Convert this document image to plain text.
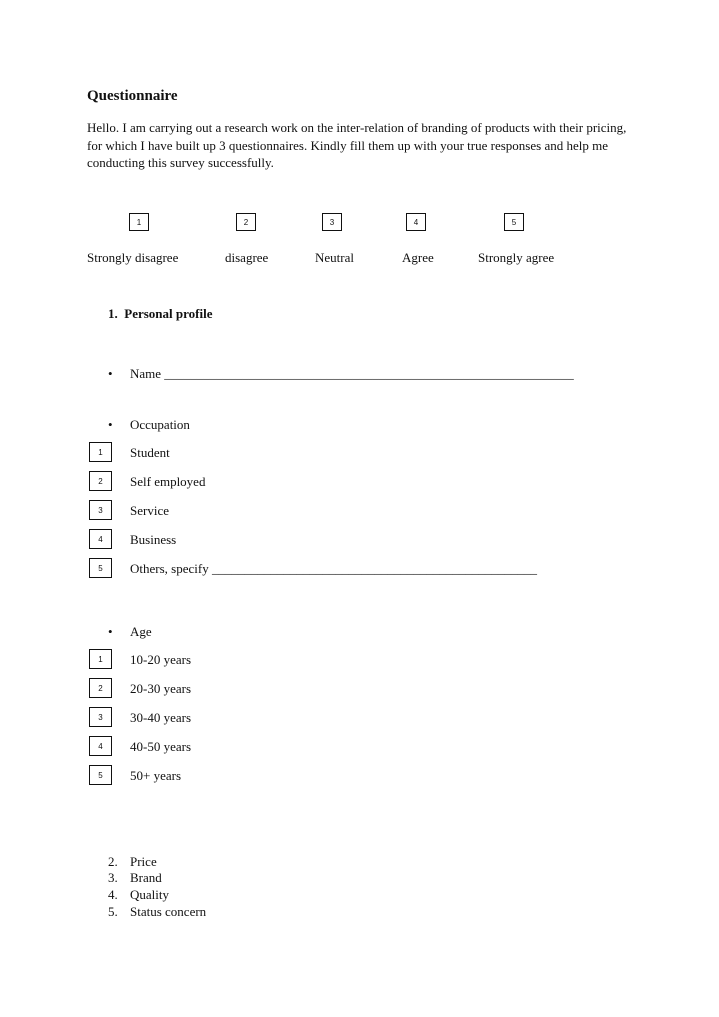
Questionnaire
Hello. I am carrying out a research work on the inter-relation of branding of products with their pricing, for which I have built up 3 questionnaires. Kindly fill them up with your true responses and help me conducting this survey successfully.
1	2	3	4	5
Strongly disagree	disagree	Neutral	Agree	Strongly agree
1. Personal profile
• Name _______________________________________________________________
• Occupation
1	Student
2	Self employed
3	Service
4	Business
5	Others, specify __________________________________________________
• Age
1	10-20 years
2	20-30 years
3	30-40 years
4	40-50 years
5	50+ years
2. Price
3. Brand
4. Quality
5. Status concern
